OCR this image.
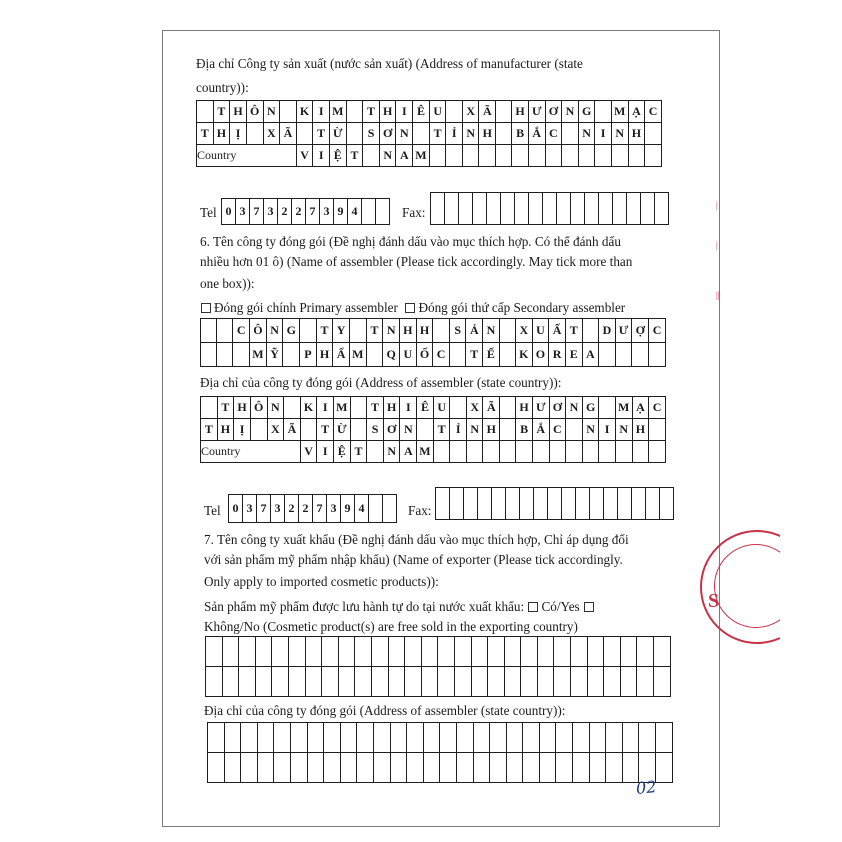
Địa chỉ Công ty sản xuất (nước sản xuất) (Address of manufacturer (state
country)):
	T	H	Ô	N		K	I	M		T	H	I	Ê	U		X	Ã		H	Ư	Ơ	N	G		M	Ạ	C
T	H	Ị		X	Ã		T	Ừ		S	Ơ	N		T	Ỉ	N	H		B	Ắ	C		N	I	N	H	
Country						V	I	Ệ	T		N	A	M														
Tel 0	3	7	3	2	2	7	3	9	4			Fax:

6. Tên công ty đóng gói (Đề nghị đánh dấu vào mục thích hợp. Có thể đánh dấu
nhiều hơn 01 ô) (Name of assembler (Please tick accordingly. May tick more than
one box)):
Đóng gói chính Primary assembler Đóng gói thứ cấp Secondary assembler
		C	Ô	N	G		T	Y		T	N	H	H		S	Ả	N		X	U	Ấ	T		D	Ư	Ợ	C
			M	Ỹ		P	H	Ẩ	M		Q	U	Ố	C		T	Ế		K	O	R	E	A				
Địa chỉ của công ty đóng gói (Address of assembler (state country)):
	T	H	Ô	N		K	I	M		T	H	I	Ê	U		X	Ã		H	Ư	Ơ	N	G		M	Ạ	C
T	H	Ị		X	Ã		T	Ừ		S	Ơ	N		T	Ỉ	N	H		B	Ắ	C		N	I	N	H	
Country						V	I	Ệ	T		N	A	M														
Tel 0	3	7	3	2	2	7	3	9	4			Fax:

7. Tên công ty xuất khẩu (Đề nghị đánh dấu vào mục thích hợp, Chỉ áp dụng đối
với sản phẩm mỹ phẩm nhập khẩu) (Name of exporter (Please tick accordingly.
Only apply to imported cosmetic products)):
Sản phẩm mỹ phẩm được lưu hành tự do tại nước xuất khẩu: Có/Yes
Không/No (Cosmetic product(s) are free sold in the exporting country)

Địa chỉ của công ty đóng gói (Address of assembler (state country)):

02
S
|
|
||
